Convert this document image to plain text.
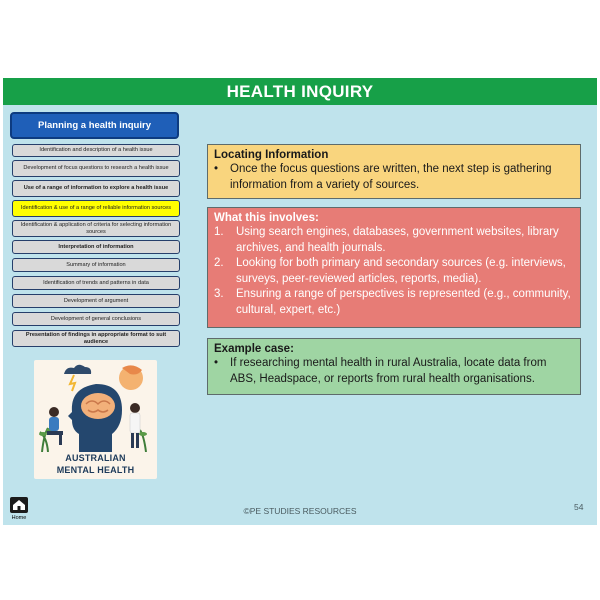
HEALTH INQUIRY
Planning a health inquiry
Identification and description of a health issue
Development of focus questions to research a health issue
Use of a range of information to explore a health issue
Identification & use of a range of reliable information sources
Identification & application of criteria for selecting information sources
Interpretation of information
Summary of information
Identification of trends and patterns in data
Development of argument
Development of general conclusions
Presentation of findings in appropriate format to suit audience
AUSTRALIAN
MENTAL HEALTH
Locating Information
•	Once the focus questions are written, the next step is gathering information from a variety of sources.
What this involves:
1.	Using search engines, databases, government websites, library archives, and health journals.
2.	Looking for both primary and secondary sources (e.g. interviews, surveys, peer-reviewed articles, reports, media).
3.	Ensuring a range of perspectives is represented (e.g., community, cultural, expert, etc.)
Example case:
•	If researching mental health in rural Australia, locate data from ABS, Headspace, or reports from rural health organisations.
Home
©PE STUDIES RESOURCES	54
